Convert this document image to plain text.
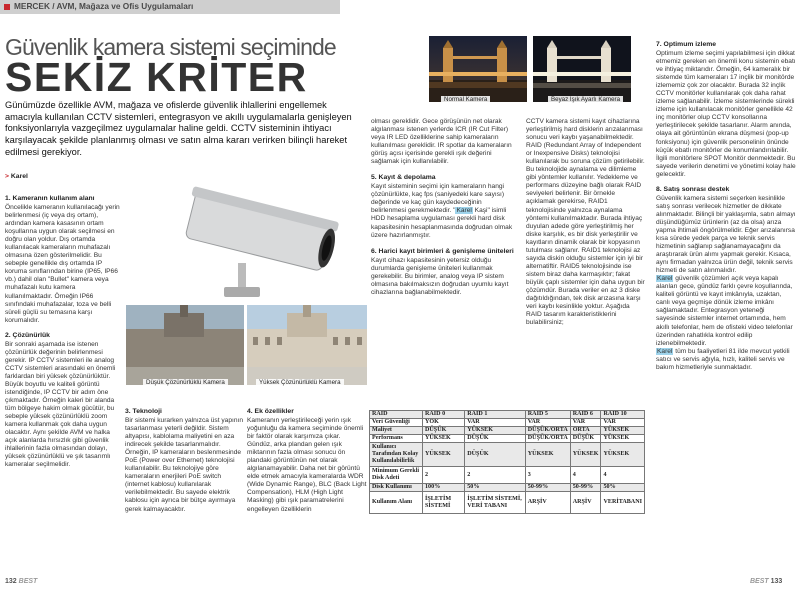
MERCEK / AVM, Mağaza ve Ofis Uygulamaları
Güvenlik kamera sistemi seçiminde
SEKİZ KRİTER
Günümüzde özellikle AVM, mağaza ve ofislerde güvenlik ihlallerini engellemek amacıyla kullanılan CCTV sistemleri, entegrasyon ve akıllı uygulamalarla genişleyen fonksiyonlarıyla vazgeçilmez uygulamalar haline geldi. CCTV sisteminin ihtiyacı karşılayacak şekilde planlanmış olması ve satın alma kararı verirken bilinçli hareket edilmesi gerekiyor.
> Karel
Normal Kamera	Beyaz Işık Ayarlı Kamera
Düşük Çözünürlüklü Kamera	Yüksek Çözünürlüklü Kamera
1. Kameranın kullanım alanı

Öncelikle kameranın kullanılacağı yerin belirlenmesi (iç veya dış ortam), ardından kamera kasasının ortam koşullarına uygun olarak seçilmesi en doğru olan yoldur. Dış ortamda kullanılacak kameraların muhafazalı olmasına özen gösterilmelidir. Bu sebeple genellikle dış ortamda IP koruma sınıflarından birine (IP65, IP66 vb.) dahil olan "Bullet" kamera veya muhafazalı kutu kamera kullanılmaktadır. Örneğin IP66 sınıfındaki muhafazalar, toza ve belli süreli güçlü su temasına karşı korumalıdır.

2. Çözünürlük

Bir sonraki aşamada ise istenen çözünürlük değerinin belirlenmesi gerekir. IP CCTV sistemleri ile analog CCTV sistemleri arasındaki en önemli farklardan biri yüksek çözünürlüktür. Büyük boyutlu ve kaliteli görüntü istendiğinde, IP CCTV bir adım öne çıkmaktadır. Örneğin kaleri bir alanda tüm bölgeye hakim olmak gücütür, bu sebeple yüksek çözünürlüklü zoom kamera kullanmak çok daha uygun olacaktır. Aynı şekilde AVM ve halka açık alanlarda hırsızlık gibi güvenlik ihlallerinin fazla olmasından dolayı, yüksek çözünürlüklü ve şık tasarımlı kameralar seçilmelidir.

3. Teknoloji

Bir sistemi kurarken yalnızca üst yapının tasarlanması yeterli değildir. Sistem altyapısı, kablolama maliyetini en aza indirecek şekilde tasarlanmalıdır. Örneğin, IP kameraların beslenmesinde PoE (Power over Ethernet) teknolojisi kullanılabilir. Bu teknolojiye göre kameraların enerjileri PoE switch (internet kablosu) kullanılarak verilebilmektedir. Bu sayede elektrik kablosu için ayrıca bir bütçe ayırmaya gerek kalmayacaktır.

4. Ek özellikler

Kameranın yerleştirileceği yerin ışık yoğunluğu da kamera seçiminde önemli bir faktör olarak karşımıza çıkar. Gündüz, arka plandan gelen ışık miktarının fazla olması sonucu ön plandaki görüntünün net olarak algılanamayabilir. Daha net bir görüntü elde etmek amacıyla kameralarda WDR (Wide Dynamic Range), BLC (Back Light Compensation), HLM (High Light Masking) gibi ışık paramatrelerini engelleyen özelliklerin

olması gereklidir. Gece görüşünün net olarak algılanması istenen yerlerde ICR (IR Cut Filter) veya IR LED özelliklerine sahip kameraların kullanılması gereklidir. IR spotlar da kameraların görüş açısı içerisinde gerekli ışık değerini sağlamak için kullanılabilir.

5. Kayıt & depolama

Kayıt sisteminin seçimi için kameraların hangi çözünürlükte, kaç fps (saniyedeki kare sayısı) değerinde ve kaç gün kaydedeceğinin belirlenmesi gerekmektedir. "Karel Kaşi" isimli HDD hesaplama uygulaması gerekli hard disk kapasitesinin hesaplanmasında doğrudan olmak üzere hazırlanmıştır.

6. Harici kayıt birimleri & genişleme üniteleri

Kayıt cihazı kapasitesinin yetersiz olduğu durumlarda genişleme üniteleri kullanmak gerekebilir. Bu birimler, analog veya IP sistem olmasına bakılmaksızın doğrudan uyumlu kayıt cihazlarına bağlanabilmektedir.

CCTV kamera sistemi kayıt cihazlarına yerleştirilmiş hard disklerin arızalanması sonucu veri kaybı yaşanabilmektedir. RAID (Redundant Array of Independent or Inexpensive Disks) teknolojisi kullanılarak bu soruna çözüm getirilebilir. Bu teknolojide aynalama ve dilimleme gibi yöntemler kullanılır. Yedekleme ve performans düzeyine bağlı olarak RAID seviyeleri belirlenir. Bir örnekle açıklamak gerekirse, RAID1 teknolojisinde yalnızca aynalama yöntemi kullanılmaktadır. Burada ihtiyaç duyulan adede göre yerleştirilmiş her diske karşılık, es bir disk yerleştirilir ve kayıtların dinamik olarak bir kopyasının tutulması sağlanır. RAID1 teknolojisi az sayıda diskin olduğu sistemler için iyi bir alternatiftir. RAID5 teknolojisinde ise sistem biraz daha karmaşıktır; fakat büyük çaplı sistemler için daha uygun bir çözümdür. Burada veriler en az 3 diske dağıtıldığından, tek disk arızasına karşı veri kaybı kesinlikle yoktur. Aşağıda RAID tasarım karakteristiklerini bulabilirsiniz;

7. Optimum izleme

Optimum izleme seçimi yapılabilmesi için dikkat etmemiz gereken en önemli konu sistemin ebatı ve ihtiyaç miktarıdır. Örneğin, 64 kameralık bir sistemde tüm kameraları 17 inçlik bir monitörde izlememiz çok zor olacaktır. Burada 32 inçlik CCTV monitörler kullanılarak çok daha rahat izleme sağlanabilir. İzleme sistemlerinde sürekli izleme için kullanılacak monitörler genellikle 42 inç monitörler olup CCTV konsollarına yerleştirilecek şekilde tasarlanır. Alarm anında, olaya ait görüntünün ekrana düşmesi (pop-up fonksiyonu) için güvenlik personelinin önünde küçük ebatlı monitörler de konumlandırılabilir. İlgili monitörlere SPOT Monitör denmektedir. Bu sayede verilerin denetimi ve yönetimi kolay hale gelecektir.

8. Satış sonrası destek

Güvenlik kamera sistemi seçerken kesinlikle satış sonrası verilecek hizmetler de dikkate alınmaktadır. Bilinçli bir yaklaşımla, satın almayı düşündüğümüz ürünlerin (az da olsa) arıza yapma ihtimali öngörülmelidir. Eğer arızalanırsa kısa sürede yedek parça ve teknik servis hizmetinin sağlanıp sağlanamayacağını da araştırarak ürün alımı yapmak gerekir. Kısaca, aynı firmadan yalnızca ürün değil, teknik servis hizmeti de satın alınmalıdır.

Karel güvenlik çözümleri açık veya kapalı alanları gece, gündüz farklı çevre koşullarında, kaliteli görüntü ve kayıt imkânıyla, uzaktan, canlı veya geçmişe dönük izleme imkânı sağlamaktadır. Entegrasyon yeteneği sayesinde sistemler internet ortamında, hem akıllı telefonlar, hem de ofisteki video telefonlar üzerinden rahatlıkla kontrol edilip izlenebilmektedir.

Karel tüm bu faaliyetleri 81 ilde mevcut yetkili satıcı ve servis ağıyla, hızlı, kaliteli servis ve bakım hizmetleriyle sunmaktadır.

RAID	RAID 0	RAID 1	RAID 5	RAID 6	RAID 10
Veri Güvenliği	YOK	VAR	VAR	VAR	VAR
Maliyet	DÜŞÜK	YÜKSEK	DÜŞÜK/ORTA	ORTA	YÜKSEK
Performans	YÜKSEK	DÜŞÜK	DÜŞÜK/ORTA	DÜŞÜK	YÜKSEK
Kullanıcı Tarafından Kolay Kullanılabilirlik	YÜKSEK	DÜŞÜK	YÜKSEK	YÜKSEK	YÜKSEK
Minimum Gerekli Disk Adeti	2	2	3	4	4
Disk Kullanımı	100%	50%	50-99%	50-99%	50%
Kullanım Alanı	İŞLETİM SİSTEMİ	İŞLETİM SİSTEMİ, VERİ TABANI	ARŞİV	ARŞİV	VERİTABANI
132 BEST	BEST 133
